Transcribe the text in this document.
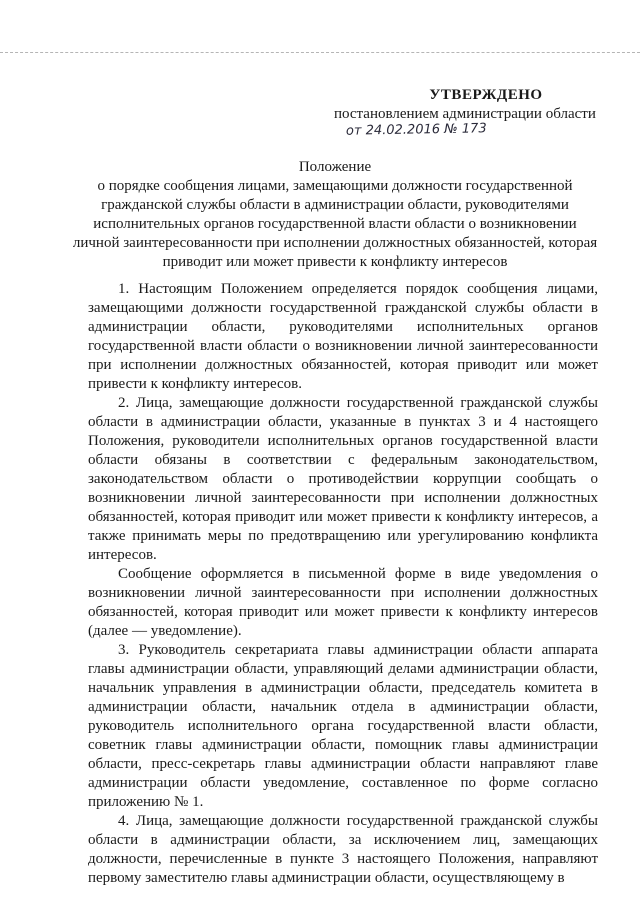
УТВЕРЖДЕНО
постановлением администрации области
от 24.02.2016 № 173
Положение
о порядке сообщения лицами, замещающими должности государственной гражданской службы области в администрации области, руководителями исполнительных органов государственной власти области о возникновении личной заинтересованности при исполнении должностных обязанностей, которая приводит или может привести к конфликту интересов

1. Настоящим Положением определяется порядок сообщения лицами, замещающими должности государственной гражданской службы области в администрации области, руководителями исполнительных органов государственной власти области о возникновении личной заинтересованности при исполнении должностных обязанностей, которая приводит или может привести к конфликту интересов.

2. Лица, замещающие должности государственной гражданской службы области в администрации области, указанные в пунктах 3 и 4 настоящего Положения, руководители исполнительных органов государственной власти области обязаны в соответствии с федеральным законодательством, законодательством области о противодействии коррупции сообщать о возникновении личной заинтересованности при исполнении должностных обязанностей, которая приводит или может привести к конфликту интересов, а также принимать меры по предотвращению или урегулированию конфликта интересов.

Сообщение оформляется в письменной форме в виде уведомления о возникновении личной заинтересованности при исполнении должностных обязанностей, которая приводит или может привести к конфликту интересов (далее — уведомление).

3. Руководитель секретариата главы администрации области аппарата главы администрации области, управляющий делами администрации области, начальник управления в администрации области, председатель комитета в администрации области, начальник отдела в администрации области, руководитель исполнительного органа государственной власти области, советник главы администрации области, помощник главы администрации области, пресс-секретарь главы администрации области направляют главе администрации области уведомление, составленное по форме согласно приложению № 1.

4. Лица, замещающие должности государственной гражданской службы области в администрации области, за исключением лиц, замещающих должности, перечисленные в пункте 3 настоящего Положения, направляют первому заместителю главы администрации области, осуществляющему в
